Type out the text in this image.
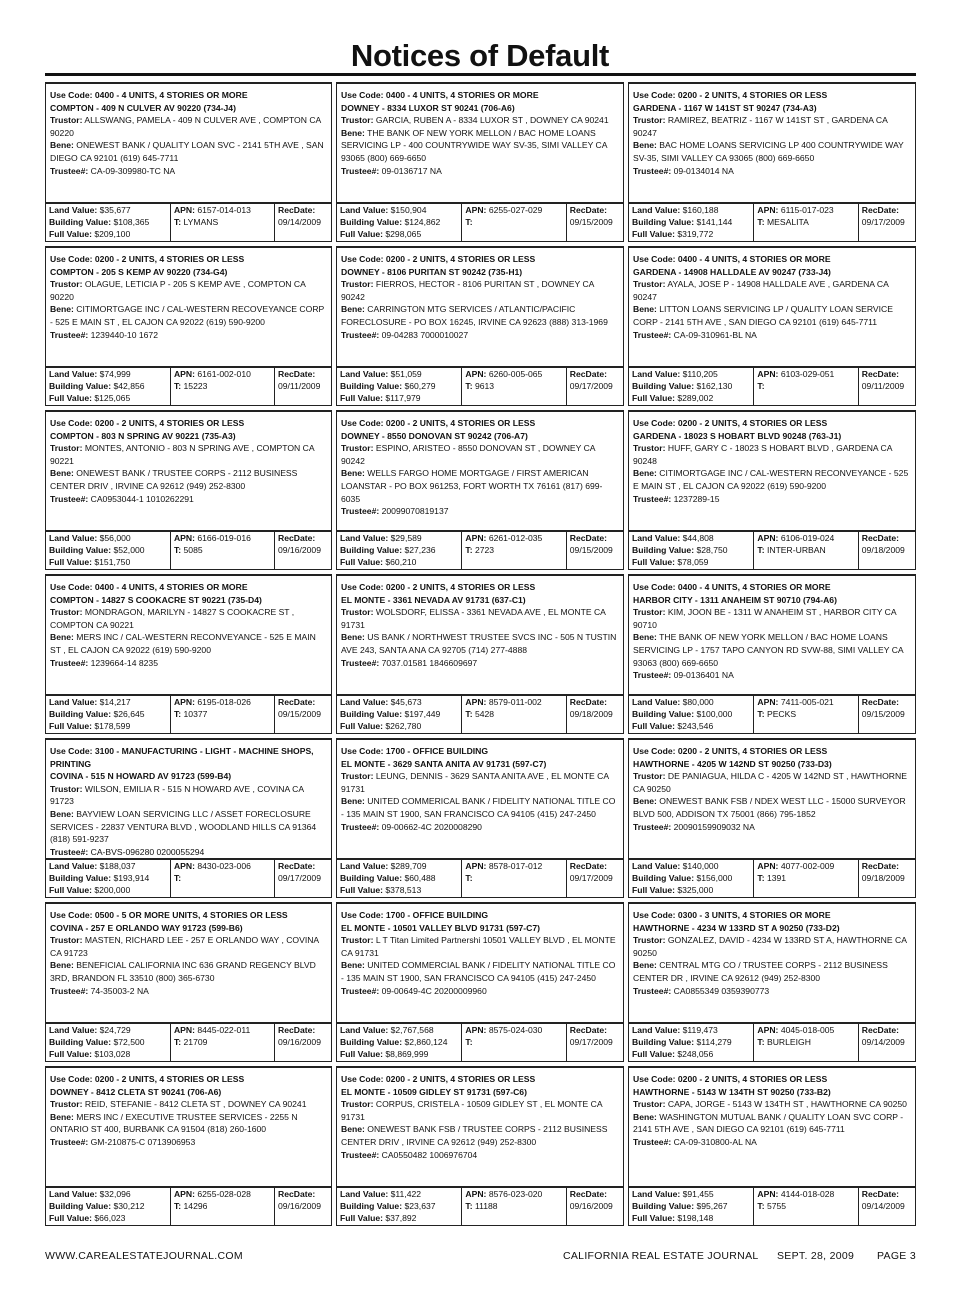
Notices of Default
Use Code: 0400 - 4 UNITS, 4 STORIES OR MORE
COMPTON - 409 N CULVER AV 90220 (734-J4)
Trustor: ALLSWANG, PAMELA - 409 N CULVER AVE , COMPTON CA 90220
Bene: ONEWEST BANK / QUALITY LOAN SVC - 2141 5TH AVE , SAN DIEGO CA 92101 (619) 645-7711
Trustee#: CA-09-309980-TC NA
Land Value: $35,677
Building Value: $108,365
Full Value: $209,100
APN: 6157-014-013
T: LYMANS
RecDate:
09/14/2009
Use Code: 0400 - 4 UNITS, 4 STORIES OR MORE
DOWNEY - 8334 LUXOR ST 90241 (706-A6)
Trustor: GARCIA, RUBEN A - 8334 LUXOR ST , DOWNEY CA 90241
Bene: THE BANK OF NEW YORK MELLON / BAC HOME LOANS SERVICING LP - 400 COUNTRYWIDE WAY SV-35, SIMI VALLEY CA 93065 (800) 669-6650
Trustee#: 09-0136717 NA
Land Value: $150,904
Building Value: $124,862
Full Value: $298,065
APN: 6255-027-029
T:
RecDate:
09/15/2009
Use Code: 0200 - 2 UNITS, 4 STORIES OR LESS
GARDENA - 1167 W 141ST ST 90247 (734-A3)
Trustor: RAMIREZ, BEATRIZ - 1167 W 141ST ST , GARDENA CA 90247
Bene: BAC HOME LOANS SERVICING LP 400 COUNTRYWIDE WAY SV-35, SIMI VALLEY CA 93065 (800) 669-6650
Trustee#: 09-0134014 NA
Land Value: $160,188
Building Value: $141,144
Full Value: $319,772
APN: 6115-017-023
T: MESALITA
RecDate:
09/17/2009
Use Code: 0200 - 2 UNITS, 4 STORIES OR LESS
COMPTON - 205 S KEMP AV 90220 (734-G4)
Trustor: OLAGUE, LETICIA P - 205 S KEMP AVE , COMPTON CA 90220
Bene: CITIMORTGAGE INC / CAL-WESTERN RECOVEYANCE CORP - 525 E MAIN ST , EL CAJON CA 92022 (619) 590-9200
Trustee#: 1239440-10 1672
Land Value: $74,999
Building Value: $42,856
Full Value: $125,065
APN: 6161-002-010
T: 15223
RecDate:
09/11/2009
Use Code: 0200 - 2 UNITS, 4 STORIES OR LESS
DOWNEY - 8106 PURITAN ST 90242 (735-H1)
Trustor: FIERROS, HECTOR - 8106 PURITAN ST , DOWNEY CA 90242
Bene: CARRINGTON MTG SERVICES / ATLANTIC/PACIFIC FORECLOSURE - PO BOX 16245, IRVINE CA 92623 (888) 313-1969
Trustee#: 09-04283 7000010027
Land Value: $51,059
Building Value: $60,279
Full Value: $117,979
APN: 6260-005-065
T: 9613
RecDate:
09/17/2009
Use Code: 0400 - 4 UNITS, 4 STORIES OR MORE
GARDENA - 14908 HALLDALE AV 90247 (733-J4)
Trustor: AYALA, JOSE P - 14908 HALLDALE AVE , GARDENA CA 90247
Bene: LITTON LOANS SERVICING LP / QUALITY LOAN SERVICE CORP - 2141 5TH AVE , SAN DIEGO CA 92101 (619) 645-7711
Trustee#: CA-09-310961-BL NA
Land Value: $110,205
Building Value: $162,130
Full Value: $289,002
APN: 6103-029-051
T:
RecDate:
09/11/2009
Use Code: 0200 - 2 UNITS, 4 STORIES OR LESS
COMPTON - 803 N SPRING AV 90221 (735-A3)
Trustor: MONTES, ANTONIO - 803 N SPRING AVE , COMPTON CA 90221
Bene: ONEWEST BANK / TRUSTEE CORPS - 2112 BUSINESS CENTER DRIV , IRVINE CA 92612 (949) 252-8300
Trustee#: CA0953044-1 1010262291
Land Value: $56,000
Building Value: $52,000
Full Value: $151,750
APN: 6166-019-016
T: 5085
RecDate:
09/16/2009
Use Code: 0200 - 2 UNITS, 4 STORIES OR LESS
DOWNEY - 8550 DONOVAN ST 90242 (706-A7)
Trustor: ESPINO, ARISTEO - 8550 DONOVAN ST , DOWNEY CA 90242
Bene: WELLS FARGO HOME MORTGAGE / FIRST AMERICAN LOANSTAR - PO BOX 961253, FORT WORTH TX 76161 (817) 699-6035
Trustee#: 20099070819137
Land Value: $29,589
Building Value: $27,236
Full Value: $60,210
APN: 6261-012-035
T: 2723
RecDate:
09/15/2009
Use Code: 0200 - 2 UNITS, 4 STORIES OR LESS
GARDENA - 18023 S HOBART BLVD 90248 (763-J1)
Trustor: HUFF, GARY C - 18023 S HOBART BLVD , GARDENA CA 90248
Bene: CITIMORTGAGE INC / CAL-WESTERN RECONVEYANCE - 525 E MAIN ST , EL CAJON CA 92022 (619) 590-9200
Trustee#: 1237289-15
Land Value: $44,808
Building Value: $28,750
Full Value: $78,059
APN: 6106-019-024
T: INTER-URBAN
RecDate:
09/18/2009
Use Code: 0400 - 4 UNITS, 4 STORIES OR MORE
COMPTON - 14827 S COOKACRE ST 90221 (735-D4)
Trustor: MONDRAGON, MARILYN - 14827 S COOKACRE ST , COMPTON CA 90221
Bene: MERS INC / CAL-WESTERN RECONVEYANCE - 525 E MAIN ST , EL CAJON CA 92022 (619) 590-9200
Trustee#: 1239664-14 8235
Land Value: $14,217
Building Value: $26,645
Full Value: $178,599
APN: 6195-018-026
T: 10377
RecDate:
09/15/2009
Use Code: 0200 - 2 UNITS, 4 STORIES OR LESS
EL MONTE - 3361 NEVADA AV 91731 (637-C1)
Trustor: WOLSDORF, ELISSA - 3361 NEVADA AVE , EL MONTE CA 91731
Bene: US BANK / NORTHWEST TRUSTEE SVCS INC - 505 N TUSTIN AVE 243, SANTA ANA CA 92705 (714) 277-4888
Trustee#: 7037.01581 1846609697
Land Value: $45,673
Building Value: $197,449
Full Value: $262,780
APN: 8579-011-002
T: 5428
RecDate:
09/18/2009
Use Code: 0400 - 4 UNITS, 4 STORIES OR MORE
HARBOR CITY - 1311 ANAHEIM ST 90710 (794-A6)
Trustor: KIM, JOON BE - 1311 W ANAHEIM ST , HARBOR CITY CA 90710
Bene: THE BANK OF NEW YORK MELLON / BAC HOME LOANS SERVICING LP - 1757 TAPO CANYON RD SVW-88, SIMI VALLEY CA 93063 (800) 669-6650
Trustee#: 09-0136401 NA
Land Value: $80,000
Building Value: $100,000
Full Value: $243,546
APN: 7411-005-021
T: PECKS
RecDate:
09/15/2009
Use Code: 3100 - MANUFACTURING - LIGHT - MACHINE SHOPS, PRINTING
COVINA - 515 N HOWARD AV 91723 (599-B4)
Trustor: WILSON, EMILIA R - 515 N HOWARD AVE , COVINA CA 91723
Bene: BAYVIEW LOAN SERVICING LLC / ASSET FORECLOSURE SERVICES - 22837 VENTURA BLVD , WOODLAND HILLS CA 91364 (818) 591-9237
Trustee#: CA-BVS-096280 0200055294
Land Value: $188,037
Building Value: $193,914
Full Value: $200,000
APN: 8430-023-006
T:
RecDate:
09/17/2009
Use Code: 1700 - OFFICE BUILDING
EL MONTE - 3629 SANTA ANITA AV 91731 (597-C7)
Trustor: LEUNG, DENNIS - 3629 SANTA ANITA AVE , EL MONTE CA 91731
Bene: UNITED COMMERICAL BANK / FIDELITY NATIONAL TITLE CO - 135 MAIN ST 1900, SAN FRANCISCO CA 94105 (415) 247-2450
Trustee#: 09-00662-4C 2020008290
Land Value: $289,709
Building Value: $60,488
Full Value: $378,513
APN: 8578-017-012
T:
RecDate:
09/17/2009
Use Code: 0200 - 2 UNITS, 4 STORIES OR LESS
HAWTHORNE - 4205 W 142ND ST 90250 (733-D3)
Trustor: DE PANIAGUA, HILDA C - 4205 W 142ND ST , HAWTHORNE CA 90250
Bene: ONEWEST BANK FSB / NDEX WEST LLC - 15000 SURVEYOR BLVD 500, ADDISON TX 75001 (866) 795-1852
Trustee#: 20090159909032 NA
Land Value: $140,000
Building Value: $156,000
Full Value: $325,000
APN: 4077-002-009
T: 1391
RecDate:
09/18/2009
Use Code: 0500 - 5 OR MORE UNITS, 4 STORIES OR LESS
COVINA - 257 E ORLANDO WAY 91723 (599-B6)
Trustor: MASTEN, RICHARD LEE - 257 E ORLANDO WAY , COVINA CA 91723
Bene: BENEFICIAL CALIFORNIA INC 636 GRAND REGENCY BLVD 3RD, BRANDON FL 33510 (800) 365-6730
Trustee#: 74-35003-2 NA
Land Value: $24,729
Building Value: $72,500
Full Value: $103,028
APN: 8445-022-011
T: 21709
RecDate:
09/16/2009
Use Code: 1700 - OFFICE BUILDING
EL MONTE - 10501 VALLEY BLVD 91731 (597-C7)
Trustor: L T Titan Limited Partnershi 10501 VALLEY BLVD , EL MONTE CA 91731
Bene: UNITED COMMERCIAL BANK / FIDELITY NATIONAL TITLE CO - 135 MAIN ST 1900, SAN FRANCISCO CA 94105 (415) 247-2450
Trustee#: 09-00649-4C 20200009960
Land Value: $2,767,568
Building Value: $2,860,124
Full Value: $8,869,999
APN: 8575-024-030
T:
RecDate:
09/17/2009
Use Code: 0300 - 3 UNITS, 4 STORIES OR MORE
HAWTHORNE - 4234 W 133RD ST A 90250 (733-D2)
Trustor: GONZALEZ, DAVID - 4234 W 133RD ST A, HAWTHORNE CA 90250
Bene: CENTRAL MTG CO / TRUSTEE CORPS - 2112 BUSINESS CENTER DR , IRVINE CA 92612 (949) 252-8300
Trustee#: CA0855349 0359390773
Land Value: $119,473
Building Value: $114,279
Full Value: $248,056
APN: 4045-018-005
T: BURLEIGH
RecDate:
09/14/2009
Use Code: 0200 - 2 UNITS, 4 STORIES OR LESS
DOWNEY - 8412 CLETA ST 90241 (706-A6)
Trustor: REID, STEFANIE - 8412 CLETA ST , DOWNEY CA 90241
Bene: MERS INC / EXECUTIVE TRUSTEE SERVICES - 2255 N ONTARIO ST 400, BURBANK CA 91504 (818) 260-1600
Trustee#: GM-210875-C 0713906953
Land Value: $32,096
Building Value: $30,212
Full Value: $66,023
APN: 6255-028-028
T: 14296
RecDate:
09/16/2009
Use Code: 0200 - 2 UNITS, 4 STORIES OR LESS
EL MONTE - 10509 GIDLEY ST 91731 (597-C6)
Trustor: CORPUS, CRISTELA - 10509 GIDLEY ST , EL MONTE CA 91731
Bene: ONEWEST BANK FSB / TRUSTEE CORPS - 2112 BUSINESS CENTER DRIV , IRVINE CA 92612 (949) 252-8300
Trustee#: CA0550482 1006976704
Land Value: $11,422
Building Value: $23,637
Full Value: $37,892
APN: 8576-023-020
T: 11188
RecDate:
09/16/2009
Use Code: 0200 - 2 UNITS, 4 STORIES OR LESS
HAWTHORNE - 5143 W 134TH ST 90250 (733-B2)
Trustor: CAPA, JORGE - 5143 W 134TH ST , HAWTHORNE CA 90250
Bene: WASHINGTON MUTUAL BANK / QUALITY LOAN SVC CORP - 2141 5TH AVE , SAN DIEGO CA 92101 (619) 645-7711
Trustee#: CA-09-310800-AL NA
Land Value: $91,455
Building Value: $95,267
Full Value: $198,148
APN: 4144-018-028
T: 5755
RecDate:
09/14/2009
WWW.CAREALESTATEJOURNAL.COM	CALIFORNIA REAL ESTATE JOURNAL SEPT. 28, 2009 PAGE 3
